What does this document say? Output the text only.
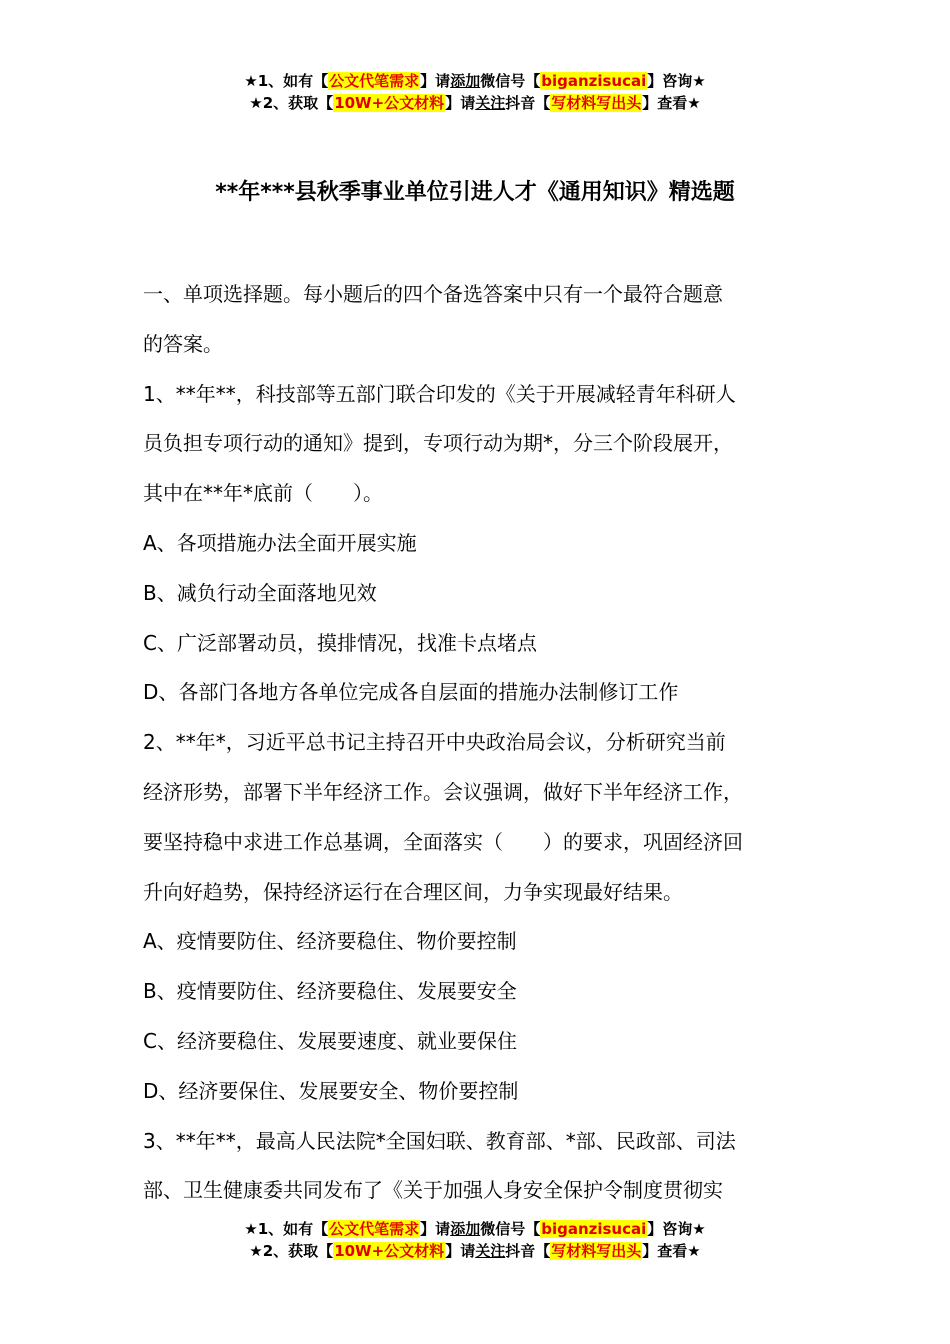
★1、如有【公文代笔需求】请添加微信号【biganzisucai】咨询★
★2、获取【10W+公文材料】请关注抖音【写材料写出头】查看★
**年***县秋季事业单位引进人才《通用知识》精选题
一、单项选择题。每小题后的四个备选答案中只有一个最符合题意
的答案。
1、**年**，科技部等五部门联合印发的《关于开展减轻青年科研人
员负担专项行动的通知》提到，专项行动为期*，分三个阶段展开，
其中在**年*底前（　　）。
A、各项措施办法全面开展实施
B、减负行动全面落地见效
C、广泛部署动员，摸排情况，找准卡点堵点
D、各部门各地方各单位完成各自层面的措施办法制修订工作
2、**年*，习近平总书记主持召开中央政治局会议，分析研究当前
经济形势，部署下半年经济工作。会议强调，做好下半年经济工作，
要坚持稳中求进工作总基调，全面落实（　　）的要求，巩固经济回
升向好趋势，保持经济运行在合理区间，力争实现最好结果。
A、疫情要防住、经济要稳住、物价要控制
B、疫情要防住、经济要稳住、发展要安全
C、经济要稳住、发展要速度、就业要保住
D、经济要保住、发展要安全、物价要控制
3、**年**，最高人民法院*全国妇联、教育部、*部、民政部、司法
部、卫生健康委共同发布了《关于加强人身安全保护令制度贯彻实
★1、如有【公文代笔需求】请添加微信号【biganzisucai】咨询★
★2、获取【10W+公文材料】请关注抖音【写材料写出头】查看★
